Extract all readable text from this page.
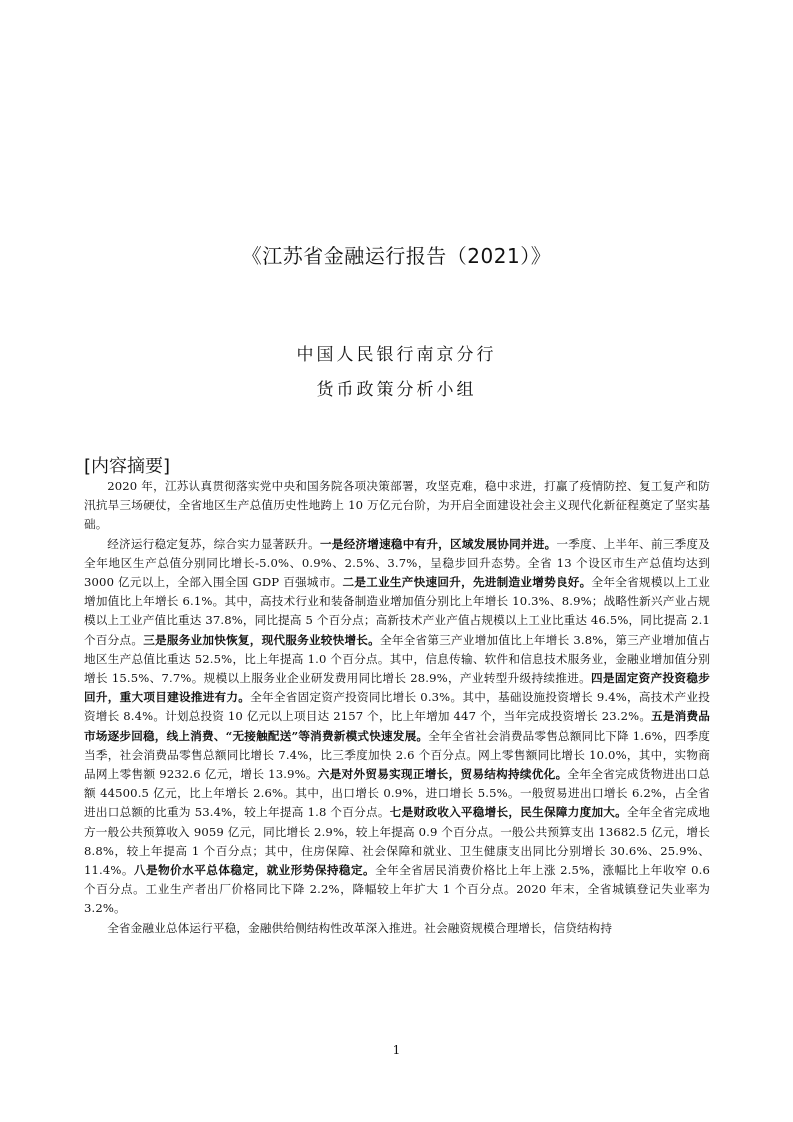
《江苏省金融运行报告（2021）》
中国人民银行南京分行
货币政策分析小组
[内容摘要]

2020 年，江苏认真贯彻落实党中央和国务院各项决策部署，攻坚克难，稳中求进，打赢了疫情防控、复工复产和防汛抗旱三场硬仗，全省地区生产总值历史性地跨上 10 万亿元台阶，为开启全面建设社会主义现代化新征程奠定了坚实基础。

经济运行稳定复苏，综合实力显著跃升。一是经济增速稳中有升，区域发展协同并进。一季度、上半年、前三季度及全年地区生产总值分别同比增长-5.0%、0.9%、2.5%、3.7%，呈稳步回升态势。全省 13 个设区市生产总值均达到 3000 亿元以上，全部入围全国 GDP 百强城市。二是工业生产快速回升，先进制造业增势良好。全年全省规模以上工业增加值比上年增长 6.1%。其中，高技术行业和装备制造业增加值分别比上年增长 10.3%、8.9%；战略性新兴产业占规模以上工业产值比重达 37.8%，同比提高 5 个百分点；高新技术产业产值占规模以上工业比重达 46.5%，同比提高 2.1 个百分点。三是服务业加快恢复，现代服务业较快增长。全年全省第三产业增加值比上年增长 3.8%，第三产业增加值占地区生产总值比重达 52.5%，比上年提高 1.0 个百分点。其中，信息传输、软件和信息技术服务业，金融业增加值分别增长 15.5%、7.7%。规模以上服务业企业研发费用同比增长 28.9%，产业转型升级持续推进。四是固定资产投资稳步回升，重大项目建设推进有力。全年全省固定资产投资同比增长 0.3%。其中，基础设施投资增长 9.4%，高技术产业投资增长 8.4%。计划总投资 10 亿元以上项目达 2157 个，比上年增加 447 个，当年完成投资增长 23.2%。五是消费品市场逐步回稳，线上消费、“无接触配送”等消费新模式快速发展。全年全省社会消费品零售总额同比下降 1.6%，四季度当季，社会消费品零售总额同比增长 7.4%，比三季度加快 2.6 个百分点。网上零售额同比增长 10.0%，其中，实物商品网上零售额 9232.6 亿元，增长 13.9%。六是对外贸易实现正增长，贸易结构持续优化。全年全省完成货物进出口总额 44500.5 亿元，比上年增长 2.6%。其中，出口增长 0.9%，进口增长 5.5%。一般贸易进出口增长 6.2%，占全省进出口总额的比重为 53.4%，较上年提高 1.8 个百分点。七是财政收入平稳增长，民生保障力度加大。全年全省完成地方一般公共预算收入 9059 亿元，同比增长 2.9%，较上年提高 0.9 个百分点。一般公共预算支出 13682.5 亿元，增长 8.8%，较上年提高 1 个百分点；其中，住房保障、社会保障和就业、卫生健康支出同比分别增长 30.6%、25.9%、11.4%。八是物价水平总体稳定，就业形势保持稳定。全年全省居民消费价格比上年上涨 2.5%，涨幅比上年收窄 0.6 个百分点。工业生产者出厂价格同比下降 2.2%，降幅较上年扩大 1 个百分点。2020 年末，全省城镇登记失业率为 3.2%。

全省金融业总体运行平稳，金融供给侧结构性改革深入推进。社会融资规模合理增长，信贷结构持

1
